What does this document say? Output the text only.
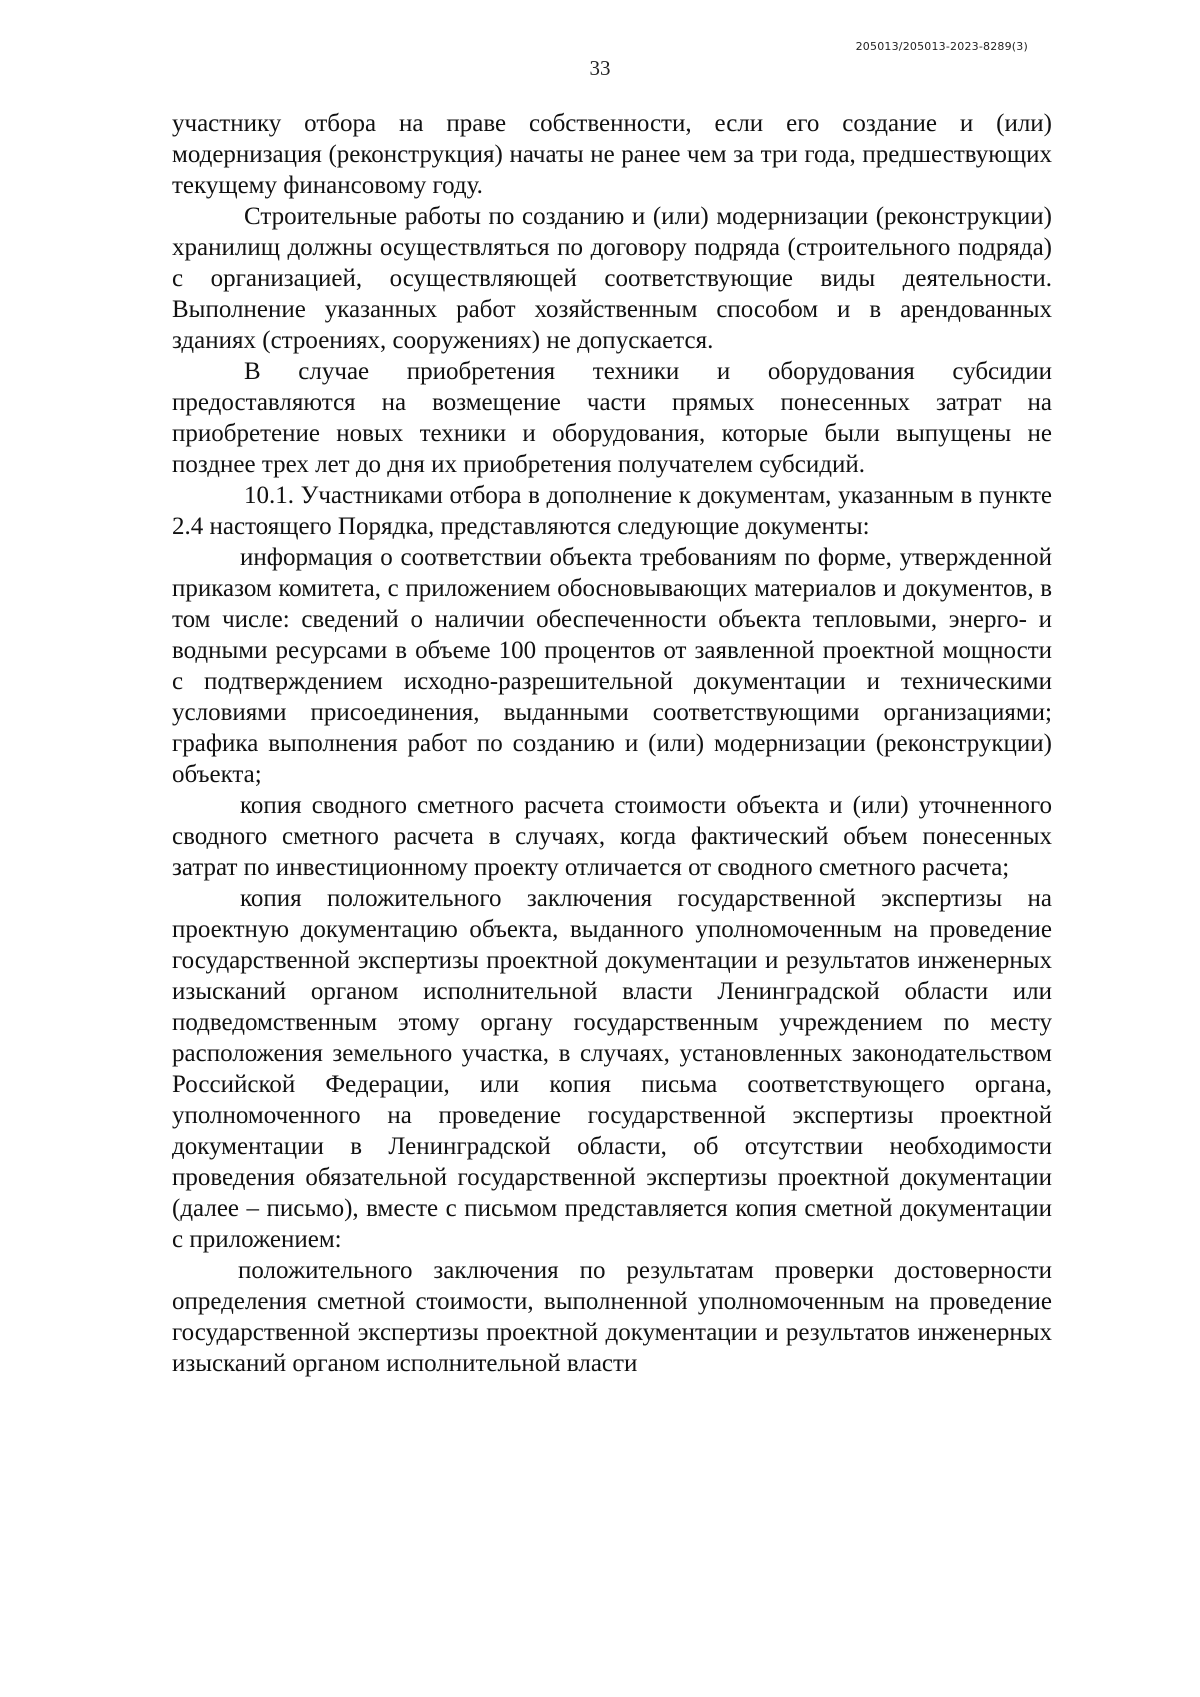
205013/205013-2023-8289(3)
33

участнику отбора на праве собственности, если его создание и (или) модернизация (реконструкция) начаты не ранее чем за три года, предшествующих текущему финансовому году.

Строительные работы по созданию и (или) модернизации (реконструкции) хранилищ должны осуществляться по договору подряда (строительного подряда) с организацией, осуществляющей соответствующие виды деятельности. Выполнение указанных работ хозяйственным способом и в арендованных зданиях (строениях, сооружениях) не допускается.

В случае приобретения техники и оборудования субсидии предоставляются на возмещение части прямых понесенных затрат на приобретение новых техники и оборудования, которые были выпущены не позднее трех лет до дня их приобретения получателем субсидий.

10.1. Участниками отбора в дополнение к документам, указанным в пункте 2.4 настоящего Порядка, представляются следующие документы:

информация о соответствии объекта требованиям по форме, утвержденной приказом комитета, с приложением обосновывающих материалов и документов, в том числе: сведений о наличии обеспеченности объекта тепловыми, энерго- и водными ресурсами в объеме 100 процентов от заявленной проектной мощности с подтверждением исходно-разрешительной документации и техническими условиями присоединения, выданными соответствующими организациями; графика выполнения работ по созданию и (или) модернизации (реконструкции) объекта;

копия сводного сметного расчета стоимости объекта и (или) уточненного сводного сметного расчета в случаях, когда фактический объем понесенных затрат по инвестиционному проекту отличается от сводного сметного расчета;

копия положительного заключения государственной экспертизы на проектную документацию объекта, выданного уполномоченным на проведение государственной экспертизы проектной документации и результатов инженерных изысканий органом исполнительной власти Ленинградской области или подведомственным этому органу государственным учреждением по месту расположения земельного участка, в случаях, установленных законодательством Российской Федерации, или копия письма соответствующего органа, уполномоченного на проведение государственной экспертизы проектной документации в Ленинградской области, об отсутствии необходимости проведения обязательной государственной экспертизы проектной документации (далее – письмо), вместе с письмом представляется копия сметной документации с приложением:

положительного заключения по результатам проверки достоверности определения сметной стоимости, выполненной уполномоченным на проведение государственной экспертизы проектной документации и результатов инженерных изысканий органом исполнительной власти
